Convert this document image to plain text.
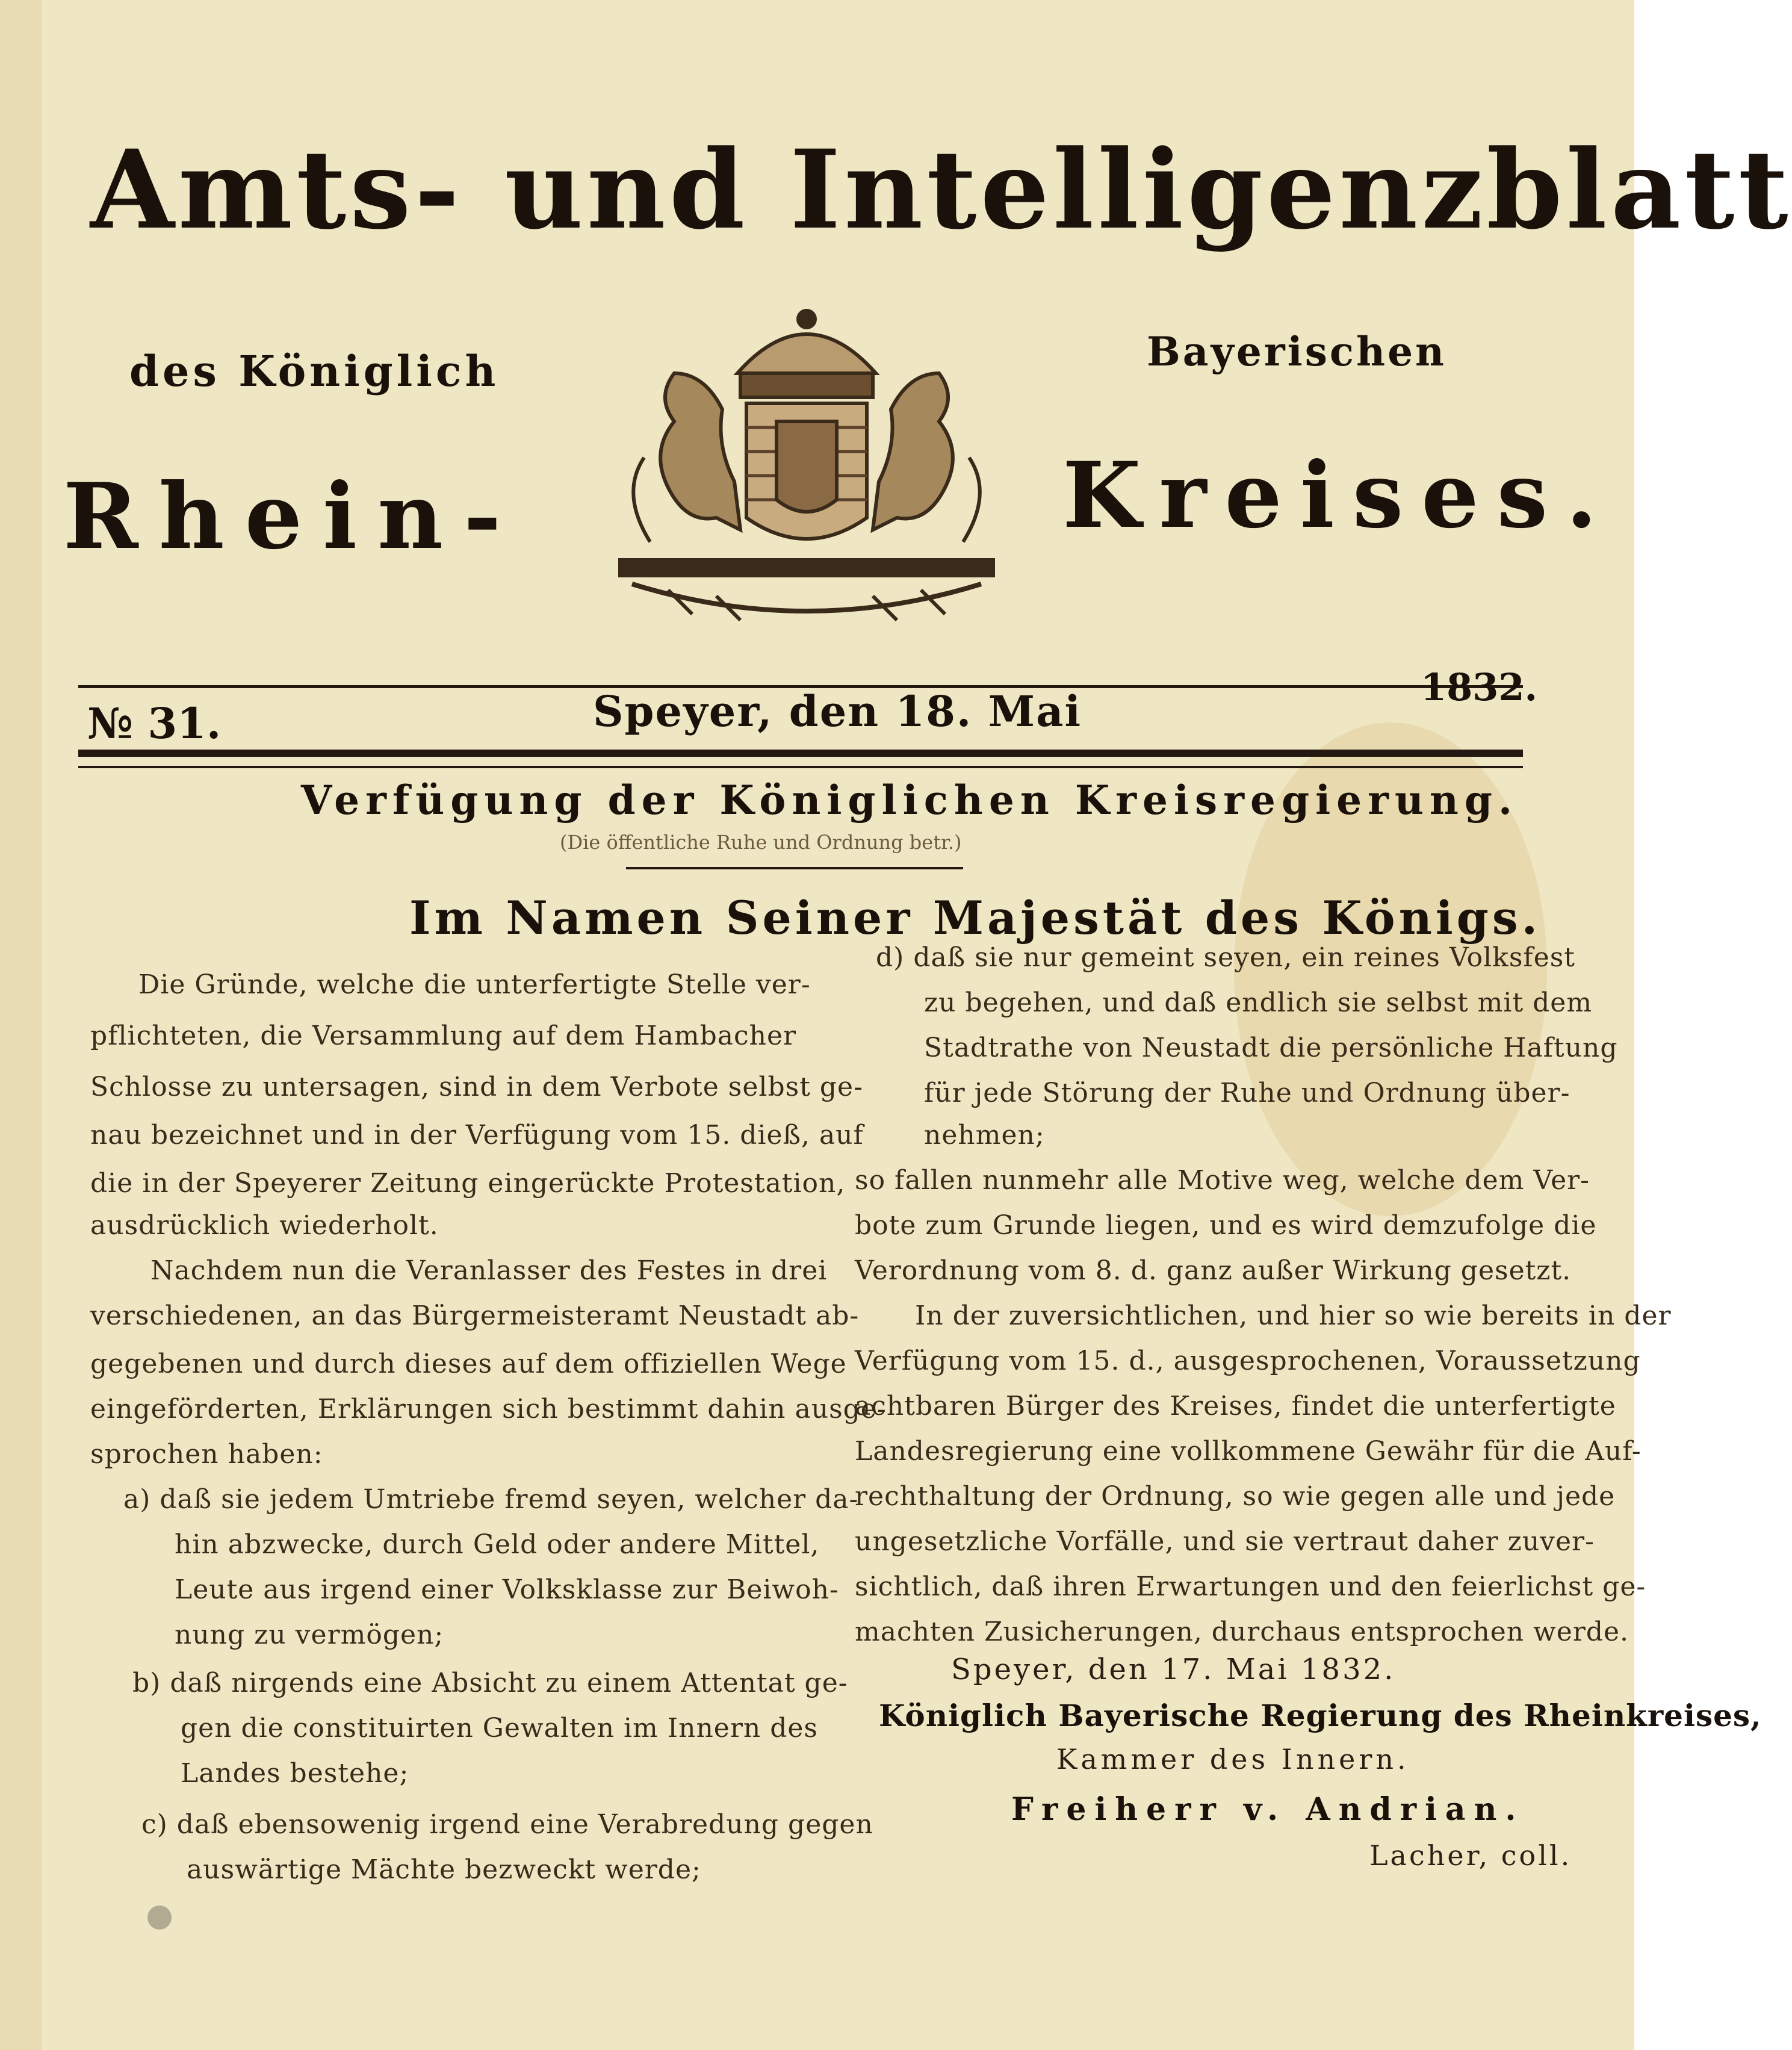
Amts- und Intelligenzblatt

des Königlich	Bayerischen

Rhein-	Kreises.

№ 31.	Speyer, den 18. Mai	1832.

Verfügung der Königlichen Kreisregierung.

(Die öffentliche Ruhe und Ordnung betr.)

Im Namen Seiner Majestät des Königs.

Die Gründe, welche die unterfertigte Stelle ver-

pflichteten, die Versammlung auf dem Hambacher

Schlosse zu untersagen, sind in dem Verbote selbst ge-

nau bezeichnet und in der Verfügung vom 15. dieß, auf

die in der Speyerer Zeitung eingerückte Protestation,

ausdrücklich wiederholt.

Nachdem nun die Veranlasser des Festes in drei

verschiedenen, an das Bürgermeisteramt Neustadt ab-

gegebenen und durch dieses auf dem offiziellen Wege

eingeförderten, Erklärungen sich bestimmt dahin ausge-

sprochen haben:

a) daß sie jedem Umtriebe fremd seyen, welcher da-

hin abzwecke, durch Geld oder andere Mittel,

Leute aus irgend einer Volksklasse zur Beiwoh-

nung zu vermögen;

b) daß nirgends eine Absicht zu einem Attentat ge-

gen die constituirten Gewalten im Innern des

Landes bestehe;

c) daß ebensowenig irgend eine Verabredung gegen

auswärtige Mächte bezweckt werde;

d) daß sie nur gemeint seyen, ein reines Volksfest

zu begehen, und daß endlich sie selbst mit dem

Stadtrathe von Neustadt die persönliche Haftung

für jede Störung der Ruhe und Ordnung über-

nehmen;

so fallen nunmehr alle Motive weg, welche dem Ver-

bote zum Grunde liegen, und es wird demzufolge die

Verordnung vom 8. d. ganz außer Wirkung gesetzt.

In der zuversichtlichen, und hier so wie bereits in der

Verfügung vom 15. d., ausgesprochenen, Voraussetzung

achtbaren Bürger des Kreises, findet die unterfertigte

Landesregierung eine vollkommene Gewähr für die Auf-

rechthaltung der Ordnung, so wie gegen alle und jede

ungesetzliche Vorfälle, und sie vertraut daher zuver-

sichtlich, daß ihren Erwartungen und den feierlichst ge-

machten Zusicherungen, durchaus entsprochen werde.

Speyer, den 17. Mai 1832.

Königlich Bayerische Regierung des Rheinkreises,

Kammer des Innern.

Freiherr v. Andrian.

Lacher, coll.
